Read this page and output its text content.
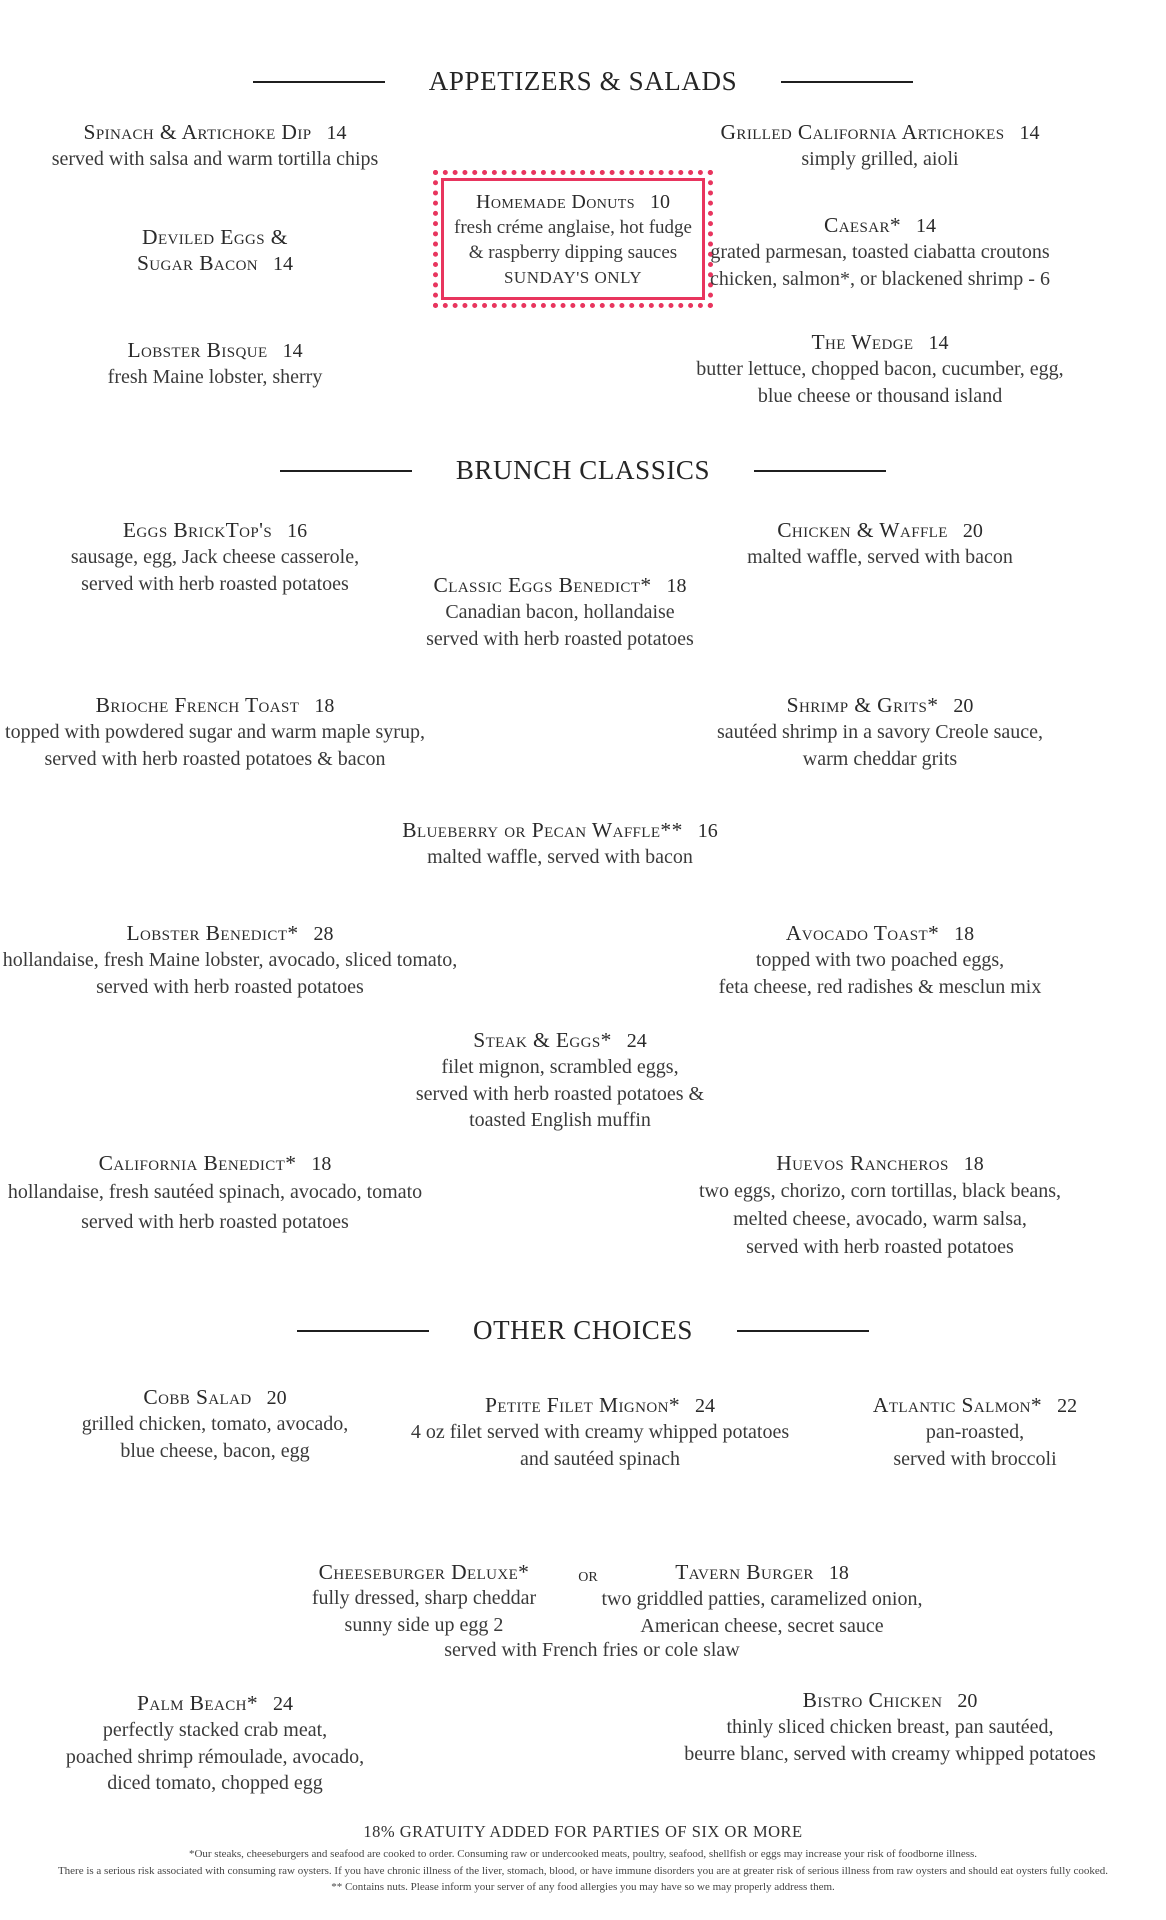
APPETIZERS & SALADS
Spinach & Artichoke Dip 14
served with salsa and warm tortilla chips
Deviled Eggs &
Sugar Bacon 14
Lobster Bisque 14
fresh Maine lobster, sherry
Homemade Donuts 10
fresh créme anglaise, hot fudge
& raspberry dipping sauces
SUNDAY'S ONLY
Grilled California Artichokes 14
simply grilled, aioli
Caesar* 14
grated parmesan, toasted ciabatta croutons
chicken, salmon*, or blackened shrimp - 6
The Wedge 14
butter lettuce, chopped bacon, cucumber, egg,
blue cheese or thousand island
BRUNCH CLASSICS
Eggs BrickTop's 16
sausage, egg, Jack cheese casserole,
served with herb roasted potatoes
Chicken & Waffle 20
malted waffle, served with bacon
Classic Eggs Benedict* 18
Canadian bacon, hollandaise
served with herb roasted potatoes
Brioche French Toast 18
topped with powdered sugar and warm maple syrup,
served with herb roasted potatoes & bacon
Shrimp & Grits* 20
sautéed shrimp in a savory Creole sauce,
warm cheddar grits
Blueberry or Pecan Waffle** 16
malted waffle, served with bacon
Lobster Benedict* 28
hollandaise, fresh Maine lobster, avocado, sliced tomato,
served with herb roasted potatoes
Avocado Toast* 18
topped with two poached eggs,
feta cheese, red radishes & mesclun mix
Steak & Eggs* 24
filet mignon, scrambled eggs,
served with herb roasted potatoes &
toasted English muffin
California Benedict* 18
hollandaise, fresh sautéed spinach, avocado, tomato
served with herb roasted potatoes
Huevos Rancheros 18
two eggs, chorizo, corn tortillas, black beans,
melted cheese, avocado, warm salsa,
served with herb roasted potatoes
OTHER CHOICES
Cobb Salad 20
grilled chicken, tomato, avocado,
blue cheese, bacon, egg
Petite Filet Mignon* 24
4 oz filet served with creamy whipped potatoes
and sautéed spinach
Atlantic Salmon* 22
pan-roasted,
served with broccoli
Cheeseburger Deluxe*
fully dressed, sharp cheddar
sunny side up egg 2
or	Tavern Burger 18
two griddled patties, caramelized onion,
American cheese, secret sauce
served with French fries or cole slaw
Palm Beach* 24
perfectly stacked crab meat,
poached shrimp rémoulade, avocado,
diced tomato, chopped egg
Bistro Chicken 20
thinly sliced chicken breast, pan sautéed,
beurre blanc, served with creamy whipped potatoes
18% GRATUITY ADDED FOR PARTIES OF SIX OR MORE
*Our steaks, cheeseburgers and seafood are cooked to order. Consuming raw or undercooked meats, poultry, seafood, shellfish or eggs may increase your risk of foodborne illness.
There is a serious risk associated with consuming raw oysters. If you have chronic illness of the liver, stomach, blood, or have immune disorders you are at greater risk of serious illness from raw oysters and should eat oysters fully cooked.
** Contains nuts. Please inform your server of any food allergies you may have so we may properly address them.
